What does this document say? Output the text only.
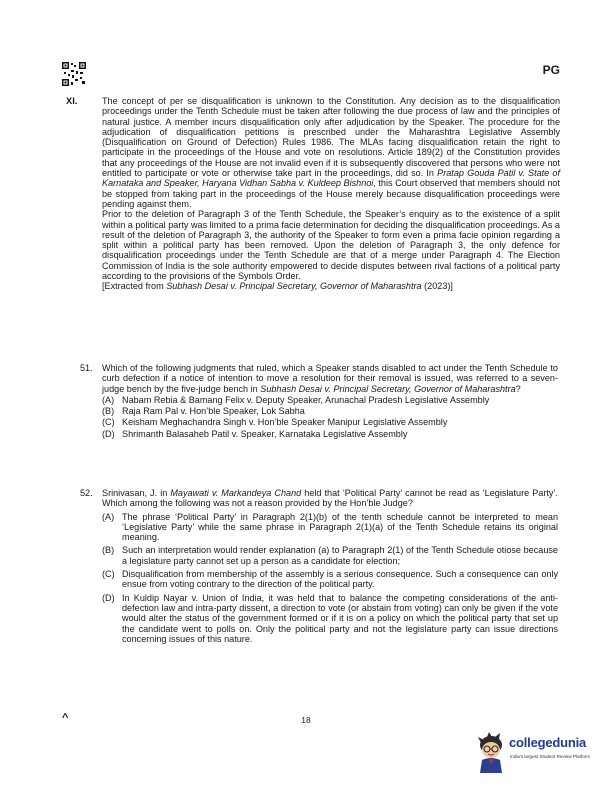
PG
XI.	The concept of per se disqualification is unknown to the Constitution. Any decision as to the disqualification proceedings under the Tenth Schedule must be taken after following the due process of law and the principles of natural justice. A member incurs disqualification only after adjudication by the Speaker. The procedure for the adjudication of disqualification petitions is prescribed under the Maharashtra Legislative Assembly (Disqualification on Ground of Defection) Rules 1986. The MLAs facing disqualification retain the right to participate in the proceedings of the House and vote on resolutions. Article 189(2) of the Constitution provides that any proceedings of the House are not invalid even if it is subsequently discovered that persons who were not entitled to participate or vote or otherwise take part in the proceedings, did so. In Pratap Gouda Patil v. State of Karnataka and Speaker, Haryana Vidhan Sabha v. Kuldeep Bishnoi, this Court observed that members should not be stopped from taking part in the proceedings of the House merely because disqualification proceedings were pending against them.

Prior to the deletion of Paragraph 3 of the Tenth Schedule, the Speaker’s enquiry as to the existence of a split within a political party was limited to a prima facie determination for deciding the disqualification proceedings. As a result of the deletion of Paragraph 3, the authority of the Speaker to form even a prima facie opinion regarding a split within a political party has been removed. Upon the deletion of Paragraph 3, the only defence for disqualification proceedings under the Tenth Schedule are that of a merge under Paragraph 4. The Election Commission of India is the sole authority empowered to decide disputes between rival factions of a political party according to the provisions of the Symbols Order.

[Extracted from Subhash Desai v. Principal Secretary, Governor of Maharashtra (2023)]

51. Which of the following judgments that ruled, which a Speaker stands disabled to act under the Tenth Schedule to curb defection if a notice of intention to move a resolution for their removal is issued, was referred to a seven-judge bench by the five-judge bench in Subhash Desai v. Principal Secretary, Governor of Maharashtra?

(A) Nabam Rebia & Bamang Felix v. Deputy Speaker, Arunachal Pradesh Legislative Assembly
(B) Raja Ram Pal v. Hon’ble Speaker, Lok Sabha
(C) Keisham Meghachandra Singh v. Hon’ble Speaker Manipur Legislative Assembly
(D) Shrimanth Balasaheb Patil v. Speaker, Karnataka Legislative Assembly
52. Srinivasan, J. in Mayawati v. Markandeya Chand held that ‘Political Party’ cannot be read as ‘Legislature Party’. Which among the following was not a reason provided by the Hon’ble Judge?

(A) The phrase ‘Political Party’ in Paragraph 2(1)(b) of the tenth schedule cannot be interpreted to mean ‘Legislative Party’ while the same phrase in Paragraph 2(1)(a) of the Tenth Schedule retains its original meaning.
(B) Such an interpretation would render explanation (a) to Paragraph 2(1) of the Tenth Schedule otiose because a legislature party cannot set up a person as a candidate for election;
(C) Disqualification from membership of the assembly is a serious consequence. Such a consequence can only ensue from voting contrary to the direction of the political party.
(D) In Kuldip Nayar v. Union of India, it was held that to balance the competing considerations of the anti-defection law and intra-party dissent, a direction to vote (or abstain from voting) can only be given if the vote would alter the status of the government formed or if it is on a policy on which the political party that set up the candidate went to polls on. Only the political party and not the legislature party can issue directions concerning issues of this nature.
^	18
collegedunia
India's largest Student Review Platform
